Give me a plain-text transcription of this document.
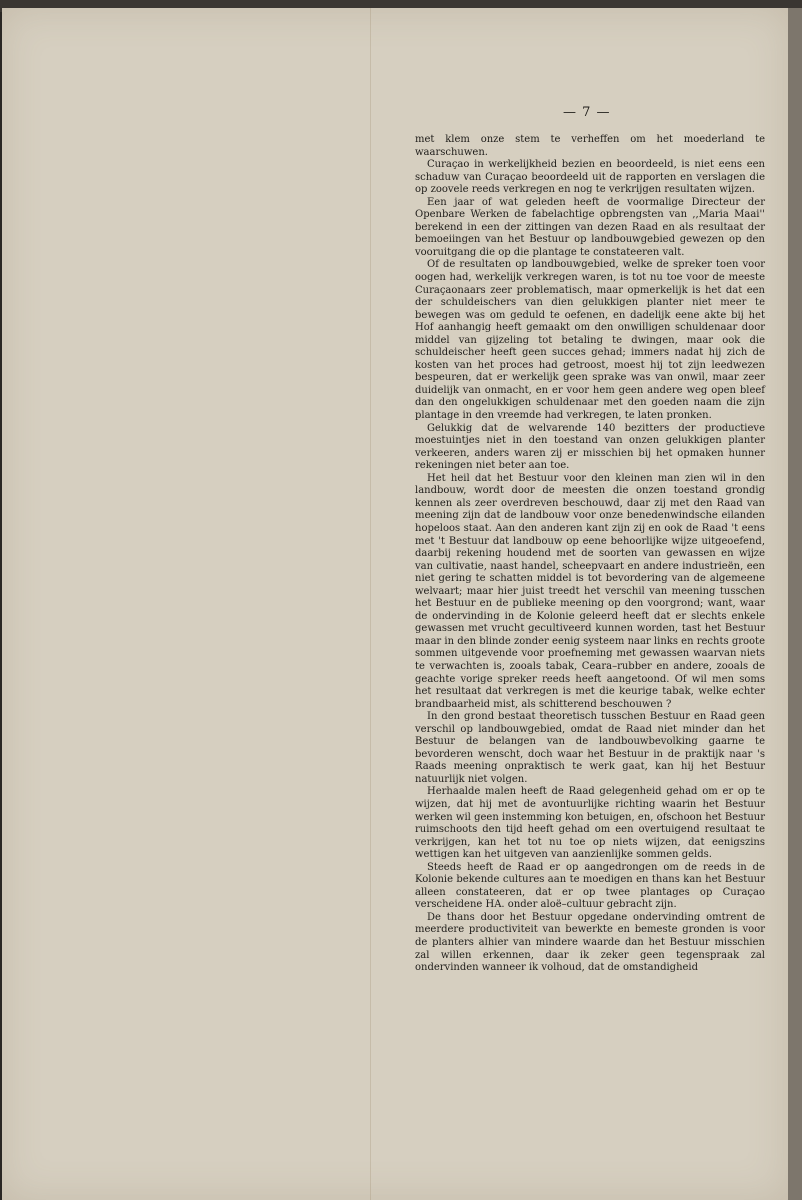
— 7 —

met klem onze stem te verheffen om het moederland te waarschuwen.

Curaçao in werkelijkheid bezien en beoordeeld, is niet eens een schaduw van Curaçao beoordeeld uit de rapporten en verslagen die op zoovele reeds verkregen en nog te verkrijgen resultaten wijzen.

Een jaar of wat geleden heeft de voormalige Directeur der Openbare Werken de fabelachtige opbrengsten van ,,Maria Maai'' berekend in een der zittingen van dezen Raad en als resultaat der bemoeiingen van het Bestuur op landbouwgebied gewezen op den vooruitgang die op die plantage te constateeren valt.

Of de resultaten op landbouwgebied, welke de spreker toen voor oogen had, werkelijk verkregen waren, is tot nu toe voor de meeste Curaçaonaars zeer problematisch, maar opmerkelijk is het dat een der schuldeischers van dien gelukkigen planter niet meer te bewegen was om geduld te oefenen, en dadelijk eene akte bij het Hof aanhangig heeft gemaakt om den onwilligen schuldenaar door middel van gijzeling tot betaling te dwingen, maar ook die schuldeischer heeft geen succes gehad; immers nadat hij zich de kosten van het proces had getroost, moest hij tot zijn leedwezen bespeuren, dat er werkelijk geen sprake was van onwil, maar zeer duidelijk van onmacht, en er voor hem geen andere weg open bleef dan den ongelukkigen schuldenaar met den goeden naam die zijn plantage in den vreemde had verkregen, te laten pronken.

Gelukkig dat de welvarende 140 bezitters der productieve moestuintjes niet in den toestand van onzen gelukkigen planter verkeeren, anders waren zij er misschien bij het opmaken hunner rekeningen niet beter aan toe.

Het heil dat het Bestuur voor den kleinen man zien wil in den landbouw, wordt door de meesten die onzen toestand grondig kennen als zeer overdreven beschouwd, daar zij met den Raad van meening zijn dat de landbouw voor onze benedenwindsche eilanden hopeloos staat. Aan den anderen kant zijn zij en ook de Raad 't eens met 't Bestuur dat landbouw op eene behoorlijke wijze uitgeoefend, daarbij rekening houdend met de soorten van gewassen en wijze van cultivatie, naast handel, scheepvaart en andere industrieën, een niet gering te schatten middel is tot bevordering van de algemeene welvaart; maar hier juist treedt het verschil van meening tusschen het Bestuur en de publieke meening op den voorgrond; want, waar de ondervinding in de Kolonie geleerd heeft dat er slechts enkele gewassen met vrucht gecultiveerd kunnen worden, tast het Bestuur maar in den blinde zonder eenig systeem naar links en rechts groote sommen uitgevende voor proefneming met gewassen waarvan niets te verwachten is, zooals tabak, Ceara–rubber en andere, zooals de geachte vorige spreker reeds heeft aangetoond. Of wil men soms het resultaat dat verkregen is met die keurige tabak, welke echter brandbaarheid mist, als schitterend beschouwen ?

In den grond bestaat theoretisch tusschen Bestuur en Raad geen verschil op landbouwgebied, omdat de Raad niet minder dan het Bestuur de belangen van de landbouwbevolking gaarne te bevorderen wenscht, doch waar het Bestuur in de praktijk naar 's Raads meening onpraktisch te werk gaat, kan hij het Bestuur natuurlijk niet volgen.

Herhaalde malen heeft de Raad gelegenheid gehad om er op te wijzen, dat hij met de avontuurlijke richting waarin het Bestuur werken wil geen instemming kon betuigen, en, ofschoon het Bestuur ruimschoots den tijd heeft gehad om een overtuigend resultaat te verkrijgen, kan het tot nu toe op niets wijzen, dat eenigszins wettigen kan het uitgeven van aanzienlijke sommen gelds.

Steeds heeft de Raad er op aangedrongen om de reeds in de Kolonie bekende cultures aan te moedigen en thans kan het Bestuur alleen constateeren, dat er op twee plantages op Curaçao verscheidene HA. onder aloë–cultuur gebracht zijn.

De thans door het Bestuur opgedane ondervinding omtrent de meerdere productiviteit van bewerkte en bemeste gronden is voor de planters alhier van mindere waarde dan het Bestuur misschien zal willen erkennen, daar ik zeker geen tegenspraak zal ondervinden wanneer ik volhoud, dat de omstandigheid
